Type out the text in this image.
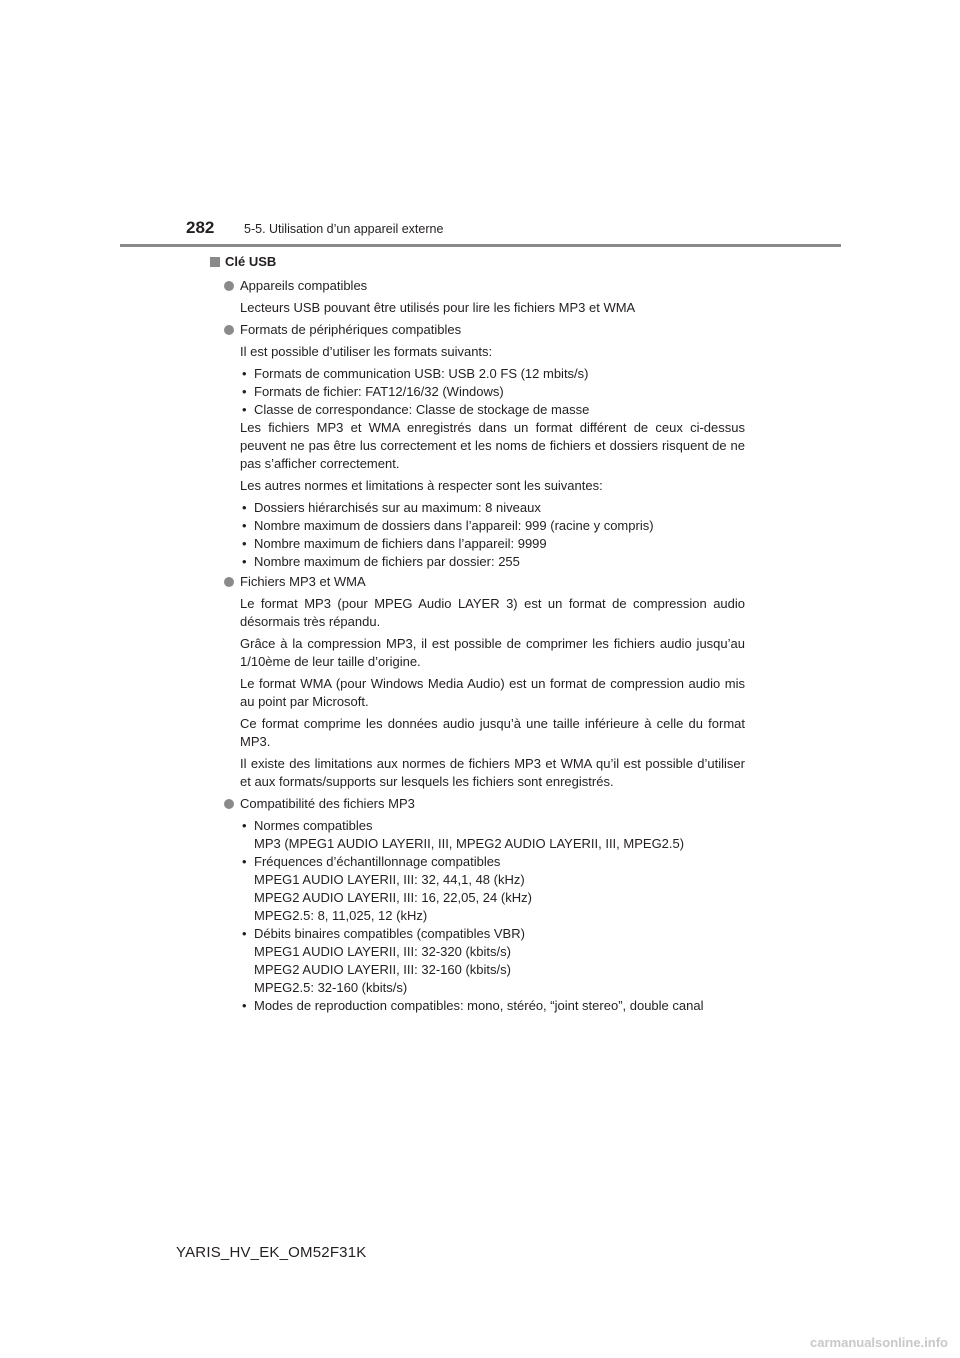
282 5-5. Utilisation d’un appareil externe
Clé USB
Appareils compatibles

Lecteurs USB pouvant être utilisés pour lire les fichiers MP3 et WMA

Formats de périphériques compatibles

Il est possible d’utiliser les formats suivants:

• Formats de communication USB: USB 2.0 FS (12 mbits/s)
• Formats de fichier: FAT12/16/32 (Windows)
• Classe de correspondance: Classe de stockage de masse

Les fichiers MP3 et WMA enregistrés dans un format différent de ceux ci-dessus peuvent ne pas être lus correctement et les noms de fichiers et dossiers risquent de ne pas s’afficher correctement.

Les autres normes et limitations à respecter sont les suivantes:

• Dossiers hiérarchisés sur au maximum: 8 niveaux
• Nombre maximum de dossiers dans l’appareil: 999 (racine y compris)
• Nombre maximum de fichiers dans l’appareil: 9999
• Nombre maximum de fichiers par dossier: 255
Fichiers MP3 et WMA

Le format MP3 (pour MPEG Audio LAYER 3) est un format de compression audio désormais très répandu.

Grâce à la compression MP3, il est possible de comprimer les fichiers audio jusqu’au 1/10ème de leur taille d’origine.

Le format WMA (pour Windows Media Audio) est un format de compression audio mis au point par Microsoft.

Ce format comprime les données audio jusqu’à une taille inférieure à celle du format MP3.

Il existe des limitations aux normes de fichiers MP3 et WMA qu’il est possible d’utiliser et aux formats/supports sur lesquels les fichiers sont enregistrés.

Compatibilité des fichiers MP3
• Normes compatibles
MP3 (MPEG1 AUDIO LAYERII, III, MPEG2 AUDIO LAYERII, III, MPEG2.5)
• Fréquences d’échantillonnage compatibles
MPEG1 AUDIO LAYERII, III: 32, 44,1, 48 (kHz)
MPEG2 AUDIO LAYERII, III: 16, 22,05, 24 (kHz)
MPEG2.5: 8, 11,025, 12 (kHz)
• Débits binaires compatibles (compatibles VBR)
MPEG1 AUDIO LAYERII, III: 32-320 (kbits/s)
MPEG2 AUDIO LAYERII, III: 32-160 (kbits/s)
MPEG2.5: 32-160 (kbits/s)
• Modes de reproduction compatibles: mono, stéréo, “joint stereo”, double canal
YARIS_HV_EK_OM52F31K
carmanualsonline.info
